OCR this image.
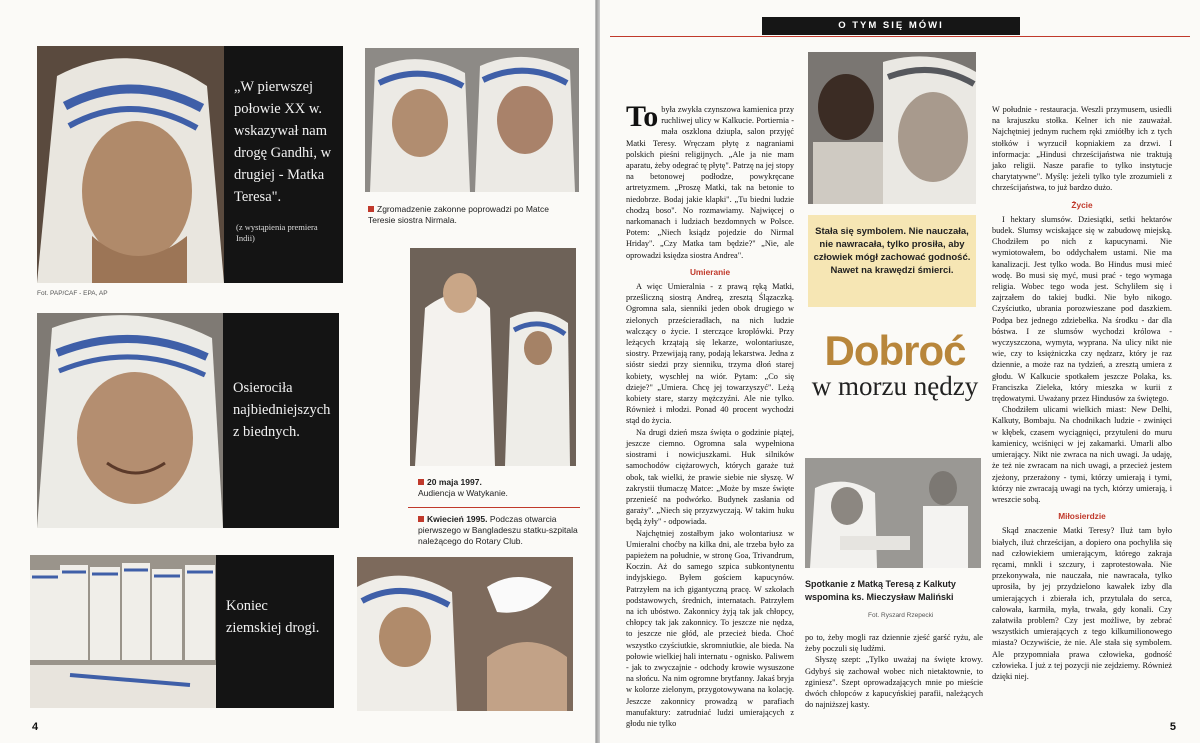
„W pierwszej połowie XX w. wskazywał nam drogę Gandhi, w drugiej - Matka Teresa".
(z wystąpienia premiera Indii)
Fot. PAP/CAF - EPA, AP
Zgromadzenie zakonne poprowadzi po Matce Teresie siostra Nirmala.
Osierociła najbiedniejszych z biednych.
20 maja 1997.
Audiencja w Watykanie.
Kwiecień 1995. Podczas otwarcia pierwszego w Bangladeszu statku-szpitala należącego do Rotary Club.
Koniec ziemskiej drogi.
4
O TYM SIĘ MÓWI

To była zwykła czynszowa kamienica przy ruchliwej ulicy w Kalkucie. Portiernia - mała oszklona dziupla, salon przyjęć Matki Teresy. Wręczam płytę z nagraniami polskich pieśni religijnych. „Ale ja nie mam aparatu, żeby odegrać tę płytę". Patrzę na jej stopy na betonowej podłodze, powykręcane artretyzmem. „Proszę Matki, tak na betonie to niedobrze. Bodaj jakie klapki". „Tu biedni ludzie chodzą boso". No rozmawiamy. Najwięcej o narkomanach i ludziach bezdomnych w Polsce. Potem: „Niech ksiądz pojedzie do Nirmal Hriday". „Czy Matka tam będzie?" „Nie, ale oprowadzi księdza siostra Andrea".

Umieranie

A więc Umieralnia - z prawą ręką Matki, prześliczną siostrą Andreą, zresztą Ślązaczką. Ogromna sala, sienniki jeden obok drugiego w zielonych prześcieradłach, na nich ludzie walczący o życie. I sterczące kroplówki. Przy leżących krzątają się lekarze, wolontariusze, siostry. Przewijają rany, podają lekarstwa. Jedna z sióstr siedzi przy sienniku, trzyma dłoń starej kobiety, wyschłej na wiór. Pytam: „Co się dzieje?" „Umiera. Chcę jej towarzyszyć". Leżą kobiety stare, starzy mężczyźni. Ale nie tylko. Również i młodzi. Ponad 40 procent wychodzi stąd do życia.

Na drugi dzień msza święta o godzinie piątej, jeszcze ciemno. Ogromna sala wypełniona siostrami i nowicjuszkami. Huk silników samochodów ciężarowych, których garaże tuż obok, tak wielki, że prawie siebie nie słyszę. W zakrystii tłumaczę Matce: „Może by msze święte przenieść na podwórko. Budynek zasłania od garaży". „Niech się przyzwyczają. W takim huku będą żyły" - odpowiada.

Najchętniej zostałbym jako wolontariusz w Umieralni choćby na kilka dni, ale trzeba było za papieżem na południe, w stronę Goa, Trivandrum, Koczin. Aż do samego szpica subkontynentu indyjskiego. Byłem gościem kapucynów. Patrzyłem na ich gigantyczną pracę. W szkołach podstawowych, średnich, internatach. Patrzyłem na ich ubóstwo. Zakonnicy żyją tak jak chłopcy, chłopcy tak jak zakonnicy. To jeszcze nie nędza, to jeszcze nie głód, ale przecież bieda. Choć wszystko czyściutkie, skromniutkie, ale bieda. Na połowie wielkiej hali internatu - ognisko. Paliwem - jak to zwyczajnie - odchody krowie wysuszone na słońcu. Na nim ogromne brytfanny. Jakaś bryja w kolorze zielonym, przygotowywana na kolację. Jeszcze zakonnicy prowadzą w parafiach manufaktury: zatrudniać ludzi umierających z głodu nie tylko

Stała się symbolem. Nie nauczała, nie nawracała, tylko prosiła, aby człowiek mógł zachować godność. Nawet na krawędzi śmierci.
Dobroć
w morzu nędzy
Spotkanie z Matką Teresą z Kalkuty wspomina ks. Mieczysław Maliński
Fot. Ryszard Rzepecki

po to, żeby mogli raz dziennie zjeść garść ryżu, ale żeby poczuli się ludźmi.

Słyszę szept: „Tylko uważaj na święte krowy. Gdybyś się zachował wobec nich nietaktownie, to zginiesz". Szept oprowadzających mnie po mieście dwóch chłopców z kapucyńskiej parafii, należących do najniższej kasty.

W południe - restauracja. Weszli przymusem, usiedli na krajuszku stołka. Kelner ich nie zauważał. Najchętniej jednym ruchem ręki zmiótłby ich z tych stołków i wyrzucił kopniakiem za drzwi. I informacja: „Hindusi chrześcijaństwa nie traktują jako religii. Nasze parafie to tylko instytucje charytatywne". Myślę: jeżeli tylko tyle zrozumieli z chrześcijaństwa, to już bardzo dużo.

Życie

I hektary slumsów. Dziesiątki, setki hektarów budek. Slumsy wciskające się w zabudowę miejską. Chodziłem po nich z kapucynami. Nie wymiotowałem, bo oddychałem ustami. Nie ma kanalizacji. Jest tylko woda. Bo Hindus musi mieć wodę. Bo musi się myć, musi prać - tego wymaga religia. Wobec tego woda jest. Schyliłem się i zajrzałem do takiej budki. Nie było nikogo. Czyściutko, ubrania porozwieszane pod daszkiem. Podpa bez jednego zdziebełka. Na środku - dar dla bóstwa. I ze slumsów wychodzi królowa - wyczyszczona, wymyta, wyprana. Na ulicy nikt nie wie, czy to księżniczka czy nędzarz, który je raz dziennie, a może raz na tydzień, a zresztą umiera z głodu. W Kalkucie spotkałem jeszcze Polaka, ks. Franciszka Zieleka, który mieszka w kurii z trędowatymi. Uważany przez Hindusów za świętego.

Chodziłem ulicami wielkich miast: New Delhi, Kalkuty, Bombaju. Na chodnikach ludzie - zwinięci w kłębek, czasem wyciągnięci, przytuleni do muru kamienicy, wciśnięci w jej zakamarki. Umarli albo umierający. Nikt nie zwraca na nich uwagi. Ja udaję, że też nie zwracam na nich uwagi, a przecież jestem zjeżony, przerażony - tymi, którzy umierają i tymi, którzy nie zwracają uwagi na tych, którzy umierają, i wreszcie sobą.

Miłosierdzie

Skąd znaczenie Matki Teresy? Iluż tam było białych, iluż chrześcijan, a dopiero ona pochyliła się nad człowiekiem umierającym, którego zakraja ręcami, mnkli i szczury, i zaprotestowała. Nie przekonywała, nie nauczała, nie nawracała, tylko uprosiła, by jej przydzielono kawałek izby dla umierających i zbierała ich, przytulała do serca, całowała, karmiła, myła, trwała, gdy konali. Czy załatwiła problem? Czy jest możliwe, by zebrać wszystkich umierających z tego kilkumilionowego miasta? Oczywiście, że nie. Ale stała się symbolem. Ale przypomniała prawa człowieka, godność człowieka. I już z tej pozycji nie zejdziemy. Również dzięki niej.

5
